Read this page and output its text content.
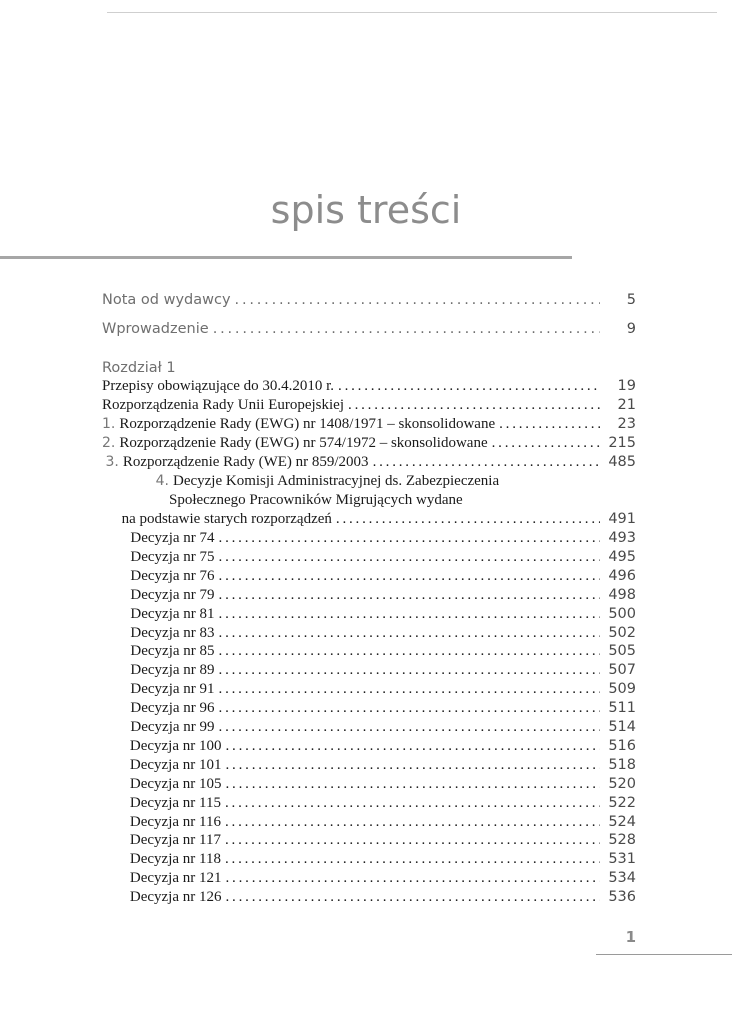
spis treści
Nota od wydawcy .....	5
Wprowadzenie .....	9
Rozdział 1
Przepisy obowiązujące do 30.4.2010 r. .....	19
Rozporządzenia Rady Unii Europejskiej .....	21
1. Rozporządzenie Rady (EWG) nr 1408/1971 – skonsolidowane .....	23
2. Rozporządzenie Rady (EWG) nr 574/1972 – skonsolidowane .....	215
3. Rozporządzenie Rady (WE) nr 859/2003 .....	485
4. Decyzje Komisji Administracyjnej ds. Zabezpieczenia
Społecznego Pracowników Migrujących wydane
na podstawie starych rozporządzeń .....	491
Decyzja nr 74 .....	493
Decyzja nr 75 .....	495
Decyzja nr 76 .....	496
Decyzja nr 79 .....	498
Decyzja nr 81 .....	500
Decyzja nr 83 .....	502
Decyzja nr 85 .....	505
Decyzja nr 89 .....	507
Decyzja nr 91 .....	509
Decyzja nr 96 .....	511
Decyzja nr 99 .....	514
Decyzja nr 100 .....	516
Decyzja nr 101 .....	518
Decyzja nr 105 .....	520
Decyzja nr 115 .....	522
Decyzja nr 116 .....	524
Decyzja nr 117 .....	528
Decyzja nr 118 .....	531
Decyzja nr 121 .....	534
Decyzja nr 126 .....	536
1
